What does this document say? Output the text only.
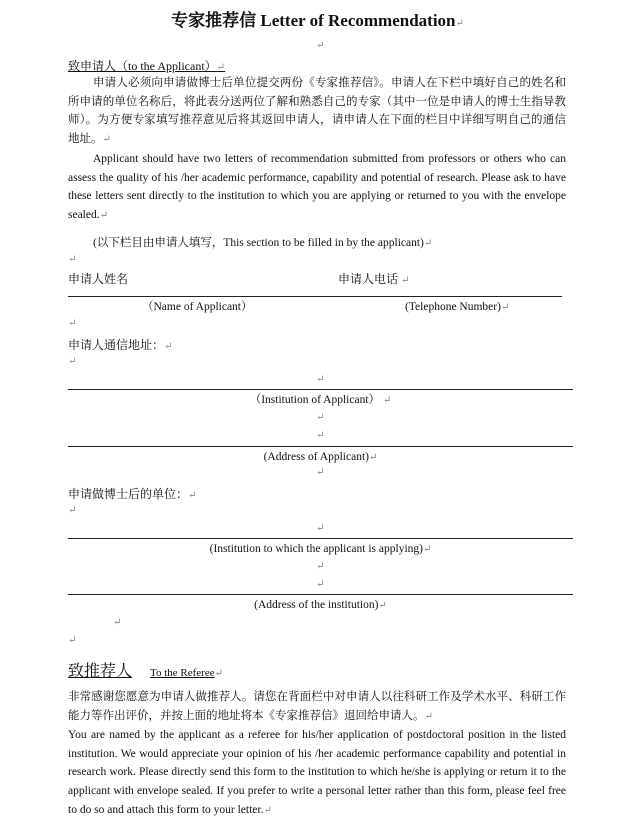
专家推荐信 Letter of Recommendation↵
↵
致申请人（to the Applicant）↵
申请人必须向申请做博士后单位提交两份《专家推荐信》。申请人在下栏中填好自己的姓名和所申请的单位名称后，将此表分送两位了解和熟悉自己的专家（其中一位是申请人的博士生指导教师）。为方便专家填写推荐意见后将其返回申请人，请申请人在下面的栏目中详细写明自己的通信地址。↵
Applicant should have two letters of recommendation submitted from professors or others who can assess the quality of his /her academic performance, capability and potential of research. Please ask to have these letters sent directly to the institution to which you are applying or returned to you with the envelope sealed.↵
(以下栏目由申请人填写，This section to be filled in by the applicant)↵
↵
申请人姓名	申请人电话 ↵
（Name of Applicant）	(Telephone Number)↵
↵
申请人通信地址：↵
↵
↵
（Institution of Applicant） ↵
↵
↵
(Address of Applicant)↵
↵
申请做博士后的单位：↵
↵
↵
(Institution to which the applicant is applying)↵
↵
↵
(Address of the institution)↵
↵
↵
致推荐人 To the Referee↵
非常感谢您愿意为申请人做推荐人。请您在背面栏中对申请人以往科研工作及学术水平、科研工作能力等作出评价，并按上面的地址将本《专家推荐信》退回给申请人。↵
You are named by the applicant as a referee for his/her application of postdoctoral position in the listed institution. We would appreciate your opinion of his /her academic performance capability and potential in research work. Please directly send this form to the institution to which he/she is applying or return it to the applicant with envelope sealed. If you prefer to write a personal letter rather than this form, please feel free to do so and attach this form to your letter.↵
